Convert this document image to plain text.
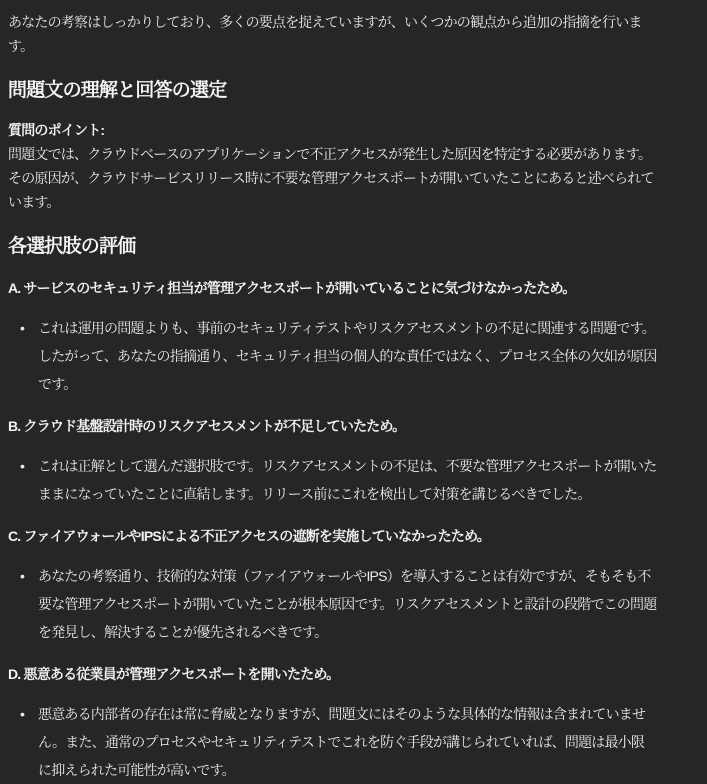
あなたの考察はしっかりしており、多くの要点を捉えていますが、いくつかの観点から追加の指摘を行います。

問題文の理解と回答の選定

質問のポイント:
問題文では、クラウドベースのアプリケーションで不正アクセスが発生した原因を特定する必要があります。その原因が、クラウドサービスリリース時に不要な管理アクセスポートが開いていたことにあると述べられています。

各選択肢の評価

A. サービスのセキュリティ担当が管理アクセスポートが開いていることに気づけなかったため。

• これは運用の問題よりも、事前のセキュリティテストやリスクアセスメントの不足に関連する問題です。したがって、あなたの指摘通り、セキュリティ担当の個人的な責任ではなく、プロセス全体の欠如が原因です。

B. クラウド基盤設計時のリスクアセスメントが不足していたため。

• これは正解として選んだ選択肢です。リスクアセスメントの不足は、不要な管理アクセスポートが開いたままになっていたことに直結します。リリース前にこれを検出して対策を講じるべきでした。

C. ファイアウォールやIPSによる不正アクセスの遮断を実施していなかったため。

• あなたの考察通り、技術的な対策（ファイアウォールやIPS）を導入することは有効ですが、そもそも不要な管理アクセスポートが開いていたことが根本原因です。リスクアセスメントと設計の段階でこの問題を発見し、解決することが優先されるべきです。

D. 悪意ある従業員が管理アクセスポートを開いたため。

• 悪意ある内部者の存在は常に脅威となりますが、問題文にはそのような具体的な情報は含まれていません。また、通常のプロセスやセキュリティテストでこれを防ぐ手段が講じられていれば、問題は最小限に抑えられた可能性が高いです。
